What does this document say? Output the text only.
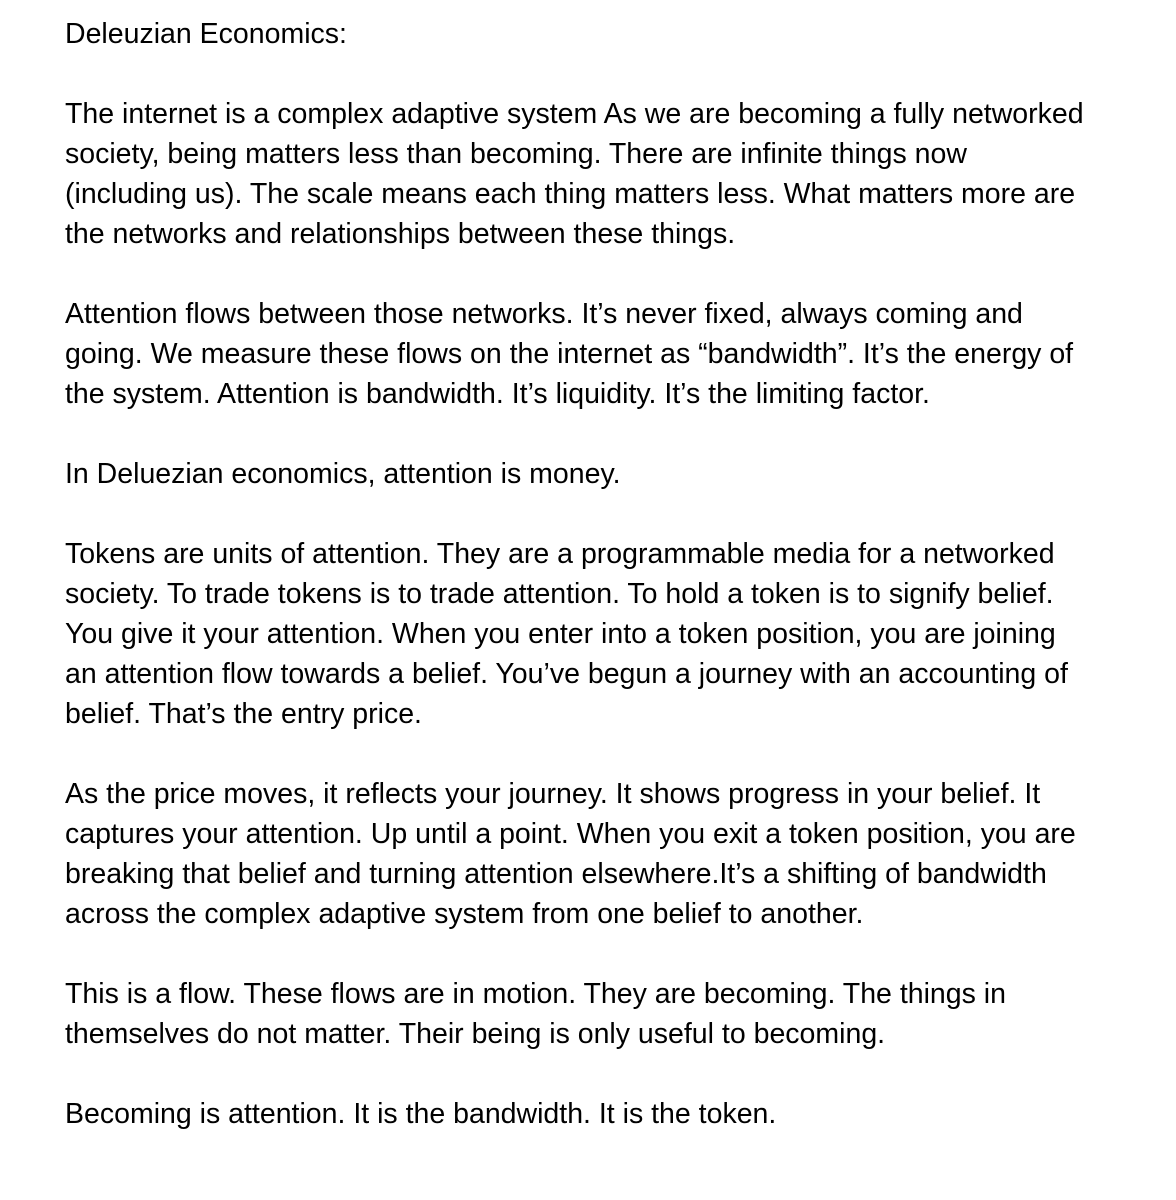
Deleuzian Economics:

The internet is a complex adaptive system As we are becoming a fully networked
society, being matters less than becoming. There are infinite things now
(including us). The scale means each thing matters less. What matters more are
the networks and relationships between these things.

Attention flows between those networks. It’s never fixed, always coming and
going. We measure these flows on the internet as “bandwidth”. It’s the energy of
the system. Attention is bandwidth. It’s liquidity. It’s the limiting factor.

In Deluezian economics, attention is money.

Tokens are units of attention. They are a programmable media for a networked
society. To trade tokens is to trade attention. To hold a token is to signify belief.
You give it your attention. When you enter into a token position, you are joining
an attention flow towards a belief. You’ve begun a journey with an accounting of
belief. That’s the entry price.

As the price moves, it reflects your journey. It shows progress in your belief. It
captures your attention. Up until a point. When you exit a token position, you are
breaking that belief and turning attention elsewhere.It’s a shifting of bandwidth
across the complex adaptive system from one belief to another.

This is a flow. These flows are in motion. They are becoming. The things in
themselves do not matter. Their being is only useful to becoming.

Becoming is attention. It is the bandwidth. It is the token.
